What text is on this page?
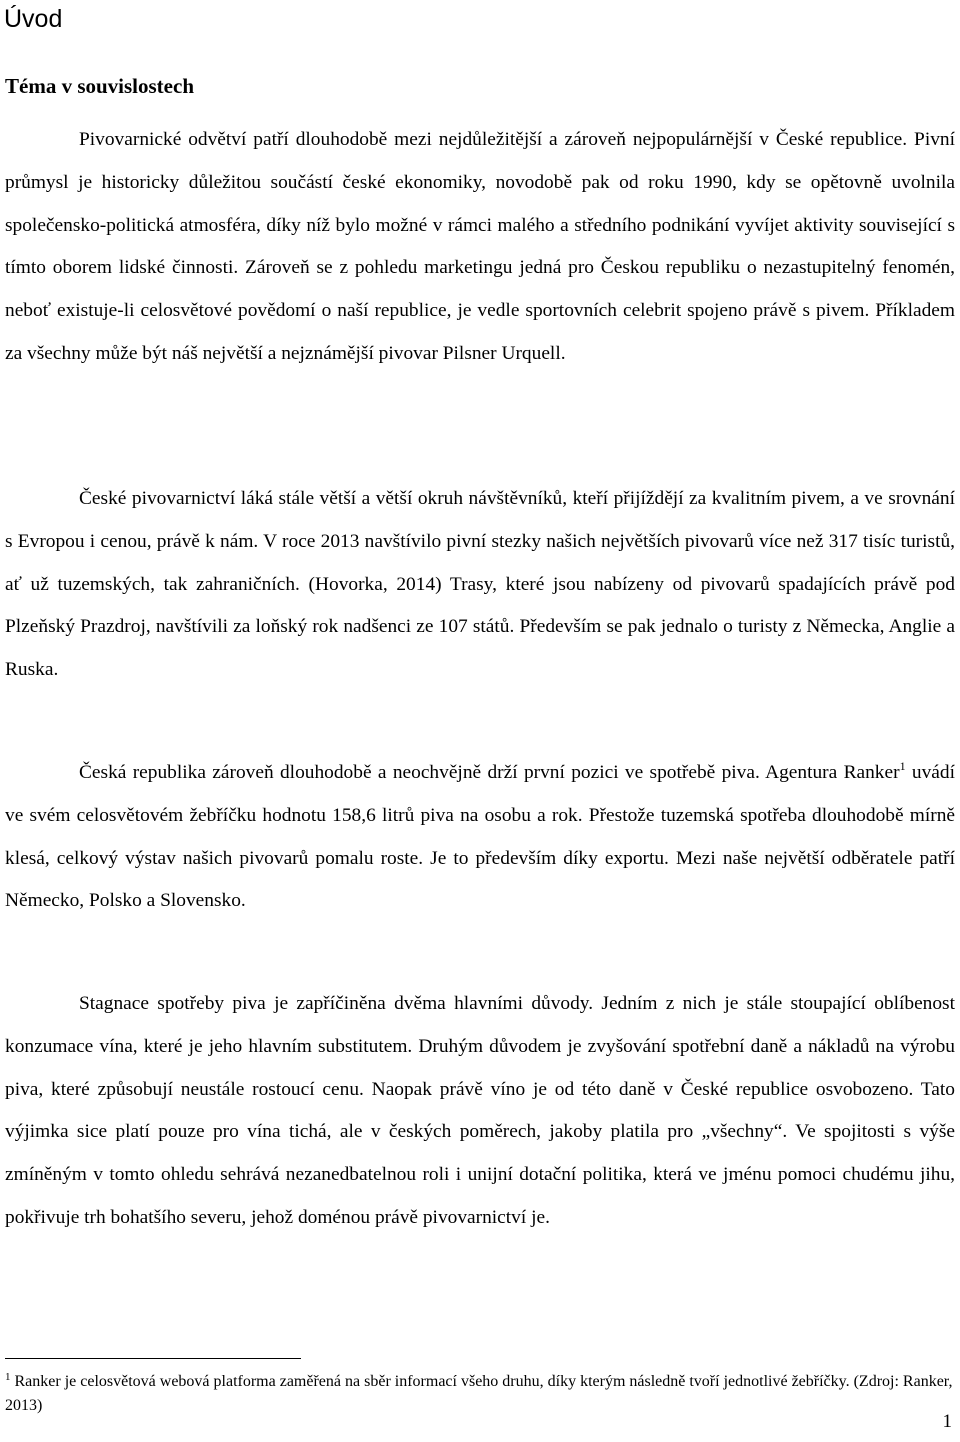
Úvod
Téma v souvislostech

Pivovarnické odvětví patří dlouhodobě mezi nejdůležitější a zároveň nejpopulárnější v České republice. Pivní průmysl je historicky důležitou součástí české ekonomiky, novodobě pak od roku 1990, kdy se opětovně uvolnila společensko-politická atmosféra, díky níž bylo možné v rámci malého a středního podnikání vyvíjet aktivity související s tímto oborem lidské činnosti. Zároveň se z pohledu marketingu jedná pro Českou republiku o nezastupitelný fenomén, neboť existuje-li celosvětové povědomí o naší republice, je vedle sportovních celebrit spojeno právě s pivem. Příkladem za všechny může být náš největší a nejznámější pivovar Pilsner Urquell.

České pivovarnictví láká stále větší a větší okruh návštěvníků, kteří přijíždějí za kvalitním pivem, a ve srovnání s Evropou i cenou, právě k nám. V roce 2013 navštívilo pivní stezky našich největších pivovarů více než 317 tisíc turistů, ať už tuzemských, tak zahraničních. (Hovorka, 2014) Trasy, které jsou nabízeny od pivovarů spadajících právě pod Plzeňský Prazdroj, navštívili za loňský rok nadšenci ze 107 států. Především se pak jednalo o turisty z Německa, Anglie a Ruska.

Česká republika zároveň dlouhodobě a neochvějně drží první pozici ve spotřebě piva. Agentura Ranker$^1$ uvádí ve svém celosvětovém žebříčku hodnotu 158,6 litrů piva na osobu a rok. Přestože tuzemská spotřeba dlouhodobě mírně klesá, celkový výstav našich pivovarů pomalu roste. Je to především díky exportu. Mezi naše největší odběratele patří Německo, Polsko a Slovensko.

Stagnace spotřeby piva je zapříčiněna dvěma hlavními důvody. Jedním z nich je stále stoupající oblíbenost konzumace vína, které je jeho hlavním substitutem. Druhým důvodem je zvyšování spotřební daně a nákladů na výrobu piva, které způsobují neustále rostoucí cenu. Naopak právě víno je od této daně v České republice osvobozeno. Tato výjimka sice platí pouze pro vína tichá, ale v českých poměrech, jakoby platila pro „všechny“. Ve spojitosti s výše zmíněným v tomto ohledu sehrává nezanedbatelnou roli i unijní dotační politika, která ve jménu pomoci chudému jihu, pokřivuje trh bohatšího severu, jehož doménou právě pivovarnictví je.

$^1$ Ranker je celosvětová webová platforma zaměřená na sběr informací všeho druhu, díky kterým následně tvoří jednotlivé žebříčky. (Zdroj: Ranker, 2013)

1
